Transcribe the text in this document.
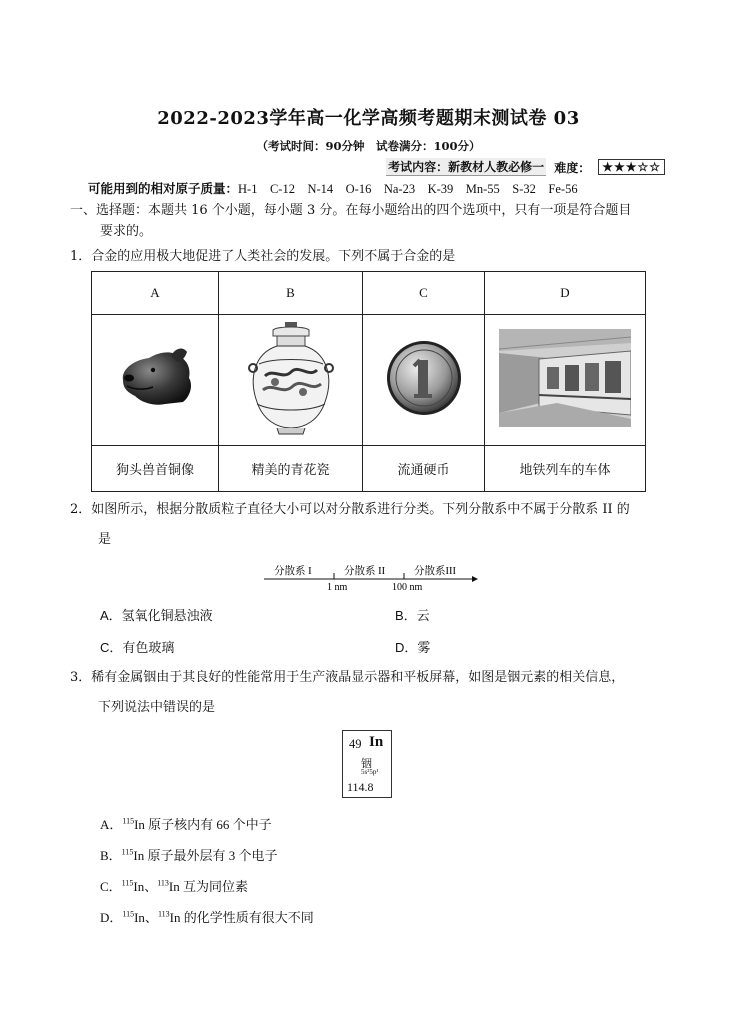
2022-2023学年高一化学高频考题期末测试卷 03
（考试时间：90分钟　试卷满分：100分）
考试内容：新教材人教必修一 难度：	★★★☆☆
可能用到的相对原子质量：H-1　C-12　N-14　O-16　Na-23　K-39　Mn-55　S-32　Fe-56
一、选择题：本题共 16 个小题，每小题 3 分。在每小题给出的四个选项中，只有一项是符合题目
要求的。
1．合金的应用极大地促进了人类社会的发展。下列不属于合金的是
A	B	C	D

狗头兽首铜像	精美的青花瓷	流通硬币	地铁列车的车体
2．如图所示，根据分散质粒子直径大小可以对分散系进行分类。下列分散系中不属于分散系 II 的
是
分散系 I	分散系 II	分散系III
1 nm	100 nm
A．氢氧化铜悬浊液	B．云
C．有色玻璃	D．雾
3．稀有金属铟由于其良好的性能常用于生产液晶显示器和平板屏幕，如图是铟元素的相关信息，
下列说法中错误的是
49 In
铟
5s²5p¹
114.8
A．$^{115}$In 原子核内有 66 个中子
B．$^{115}$In 原子最外层有 3 个电子
C．$^{115}$In、$^{113}$In 互为同位素
D．$^{115}$In、$^{113}$In 的化学性质有很大不同
